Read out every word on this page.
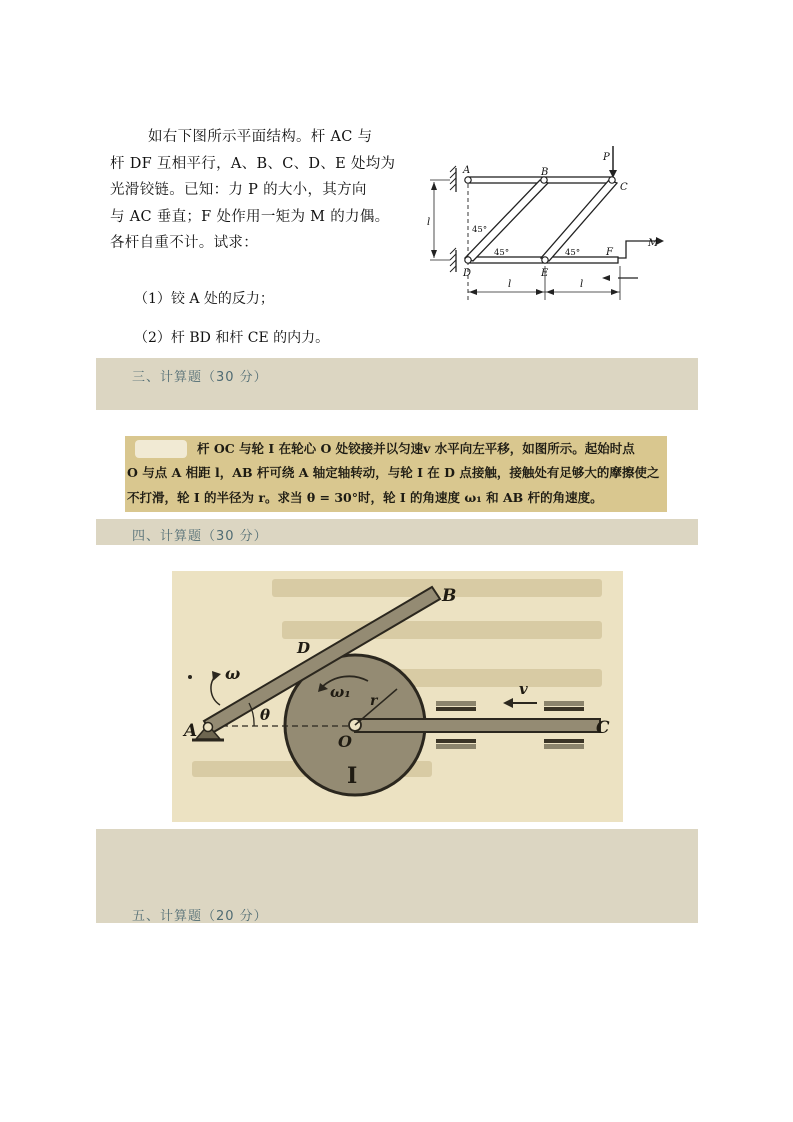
如右下图所示平面结构。杆 AC 与
杆 DF 互相平行，A、B、C、D、E 处均为
光滑铰链。已知：力 P 的大小，其方向
与 AC 垂直；F 处作用一矩为 M 的力偶。
各杆自重不计。试求：
（1）铰 A 处的反力；
（2）杆 BD 和杆 CE 的内力。
A	B
C
D	E
F
P
M
l
l	l
45°
45°	45°
三、计算题（30 分）
杆 OC 与轮 I 在轮心 O 处铰接并以匀速v 水平向左平移，如图所示。起始时点
O 与点 A 相距 l，AB 杆可绕 A 轴定轴转动，与轮 I 在 D 点接触，接触处有足够大的摩擦使之
不打滑，轮 I 的半径为 r。求当 θ = 30°时，轮 I 的角速度 ω₁ 和 AB 杆的角速度。
四、计算题（30 分）
A
B
C
D
O
r
ω
ω₁
θ
v
I
五、计算题（20 分）
